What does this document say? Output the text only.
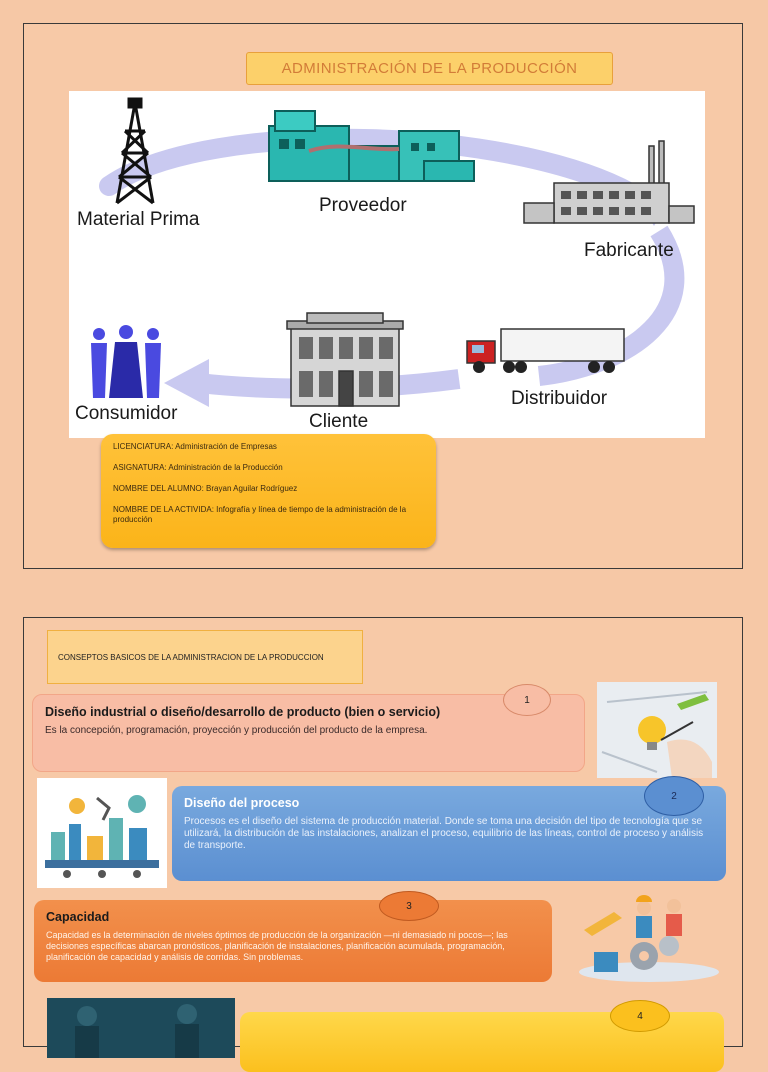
ADMINISTRACIÓN DE LA PRODUCCIÓN
Material Prima
Proveedor
Fabricante
Distribuidor
Cliente
Consumidor

LICENCIATURA: Administración de Empresas

ASIGNATURA: Administración de la Producción

NOMBRE DEL ALUMNO: Brayan Aguilar Rodríguez

NOMBRE DE LA ACTIVIDA: Infografía y línea de tiempo de la administración de la producción

CONSEPTOS BASICOS DE LA ADMINISTRACION DE LA PRODUCCION
Diseño industrial o diseño/desarrollo de producto (bien o servicio)

Es la concepción, programación, proyección y producción del producto de la empresa.

1
Diseño del proceso

Procesos es el diseño del sistema de producción material. Donde se toma una decisión del tipo de tecnología que se utilizará, la distribución de las instalaciones, analizan el proceso, equilibrio de las líneas, control de proceso y análisis de transporte.

2
Capacidad

Capacidad es la determinación de niveles óptimos de producción de la organización —ni demasiado ni pocos—; las decisiones específicas abarcan pronósticos, planificación de instalaciones, planificación acumulada, programación, planificación de capacidad y análisis de corridas. Sin problemas.

3
4
